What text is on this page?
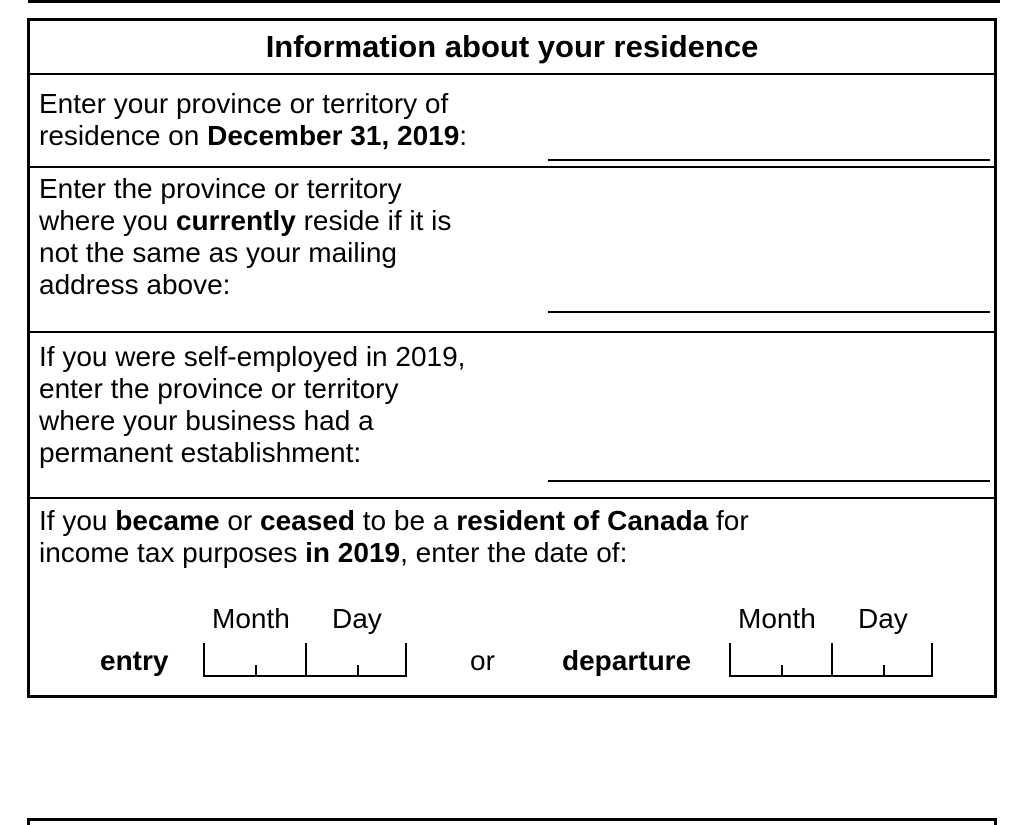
Information about your residence
Enter your province or territory of
residence on December 31, 2019:
Enter the province or territory
where you currently reside if it is
not the same as your mailing
address above:
If you were self-employed in 2019,
enter the province or territory
where your business had a
permanent establishment:
If you became or ceased to be a resident of Canada for
income tax purposes in 2019, enter the date of:
Month Day
entry	or
Month Day
departure
